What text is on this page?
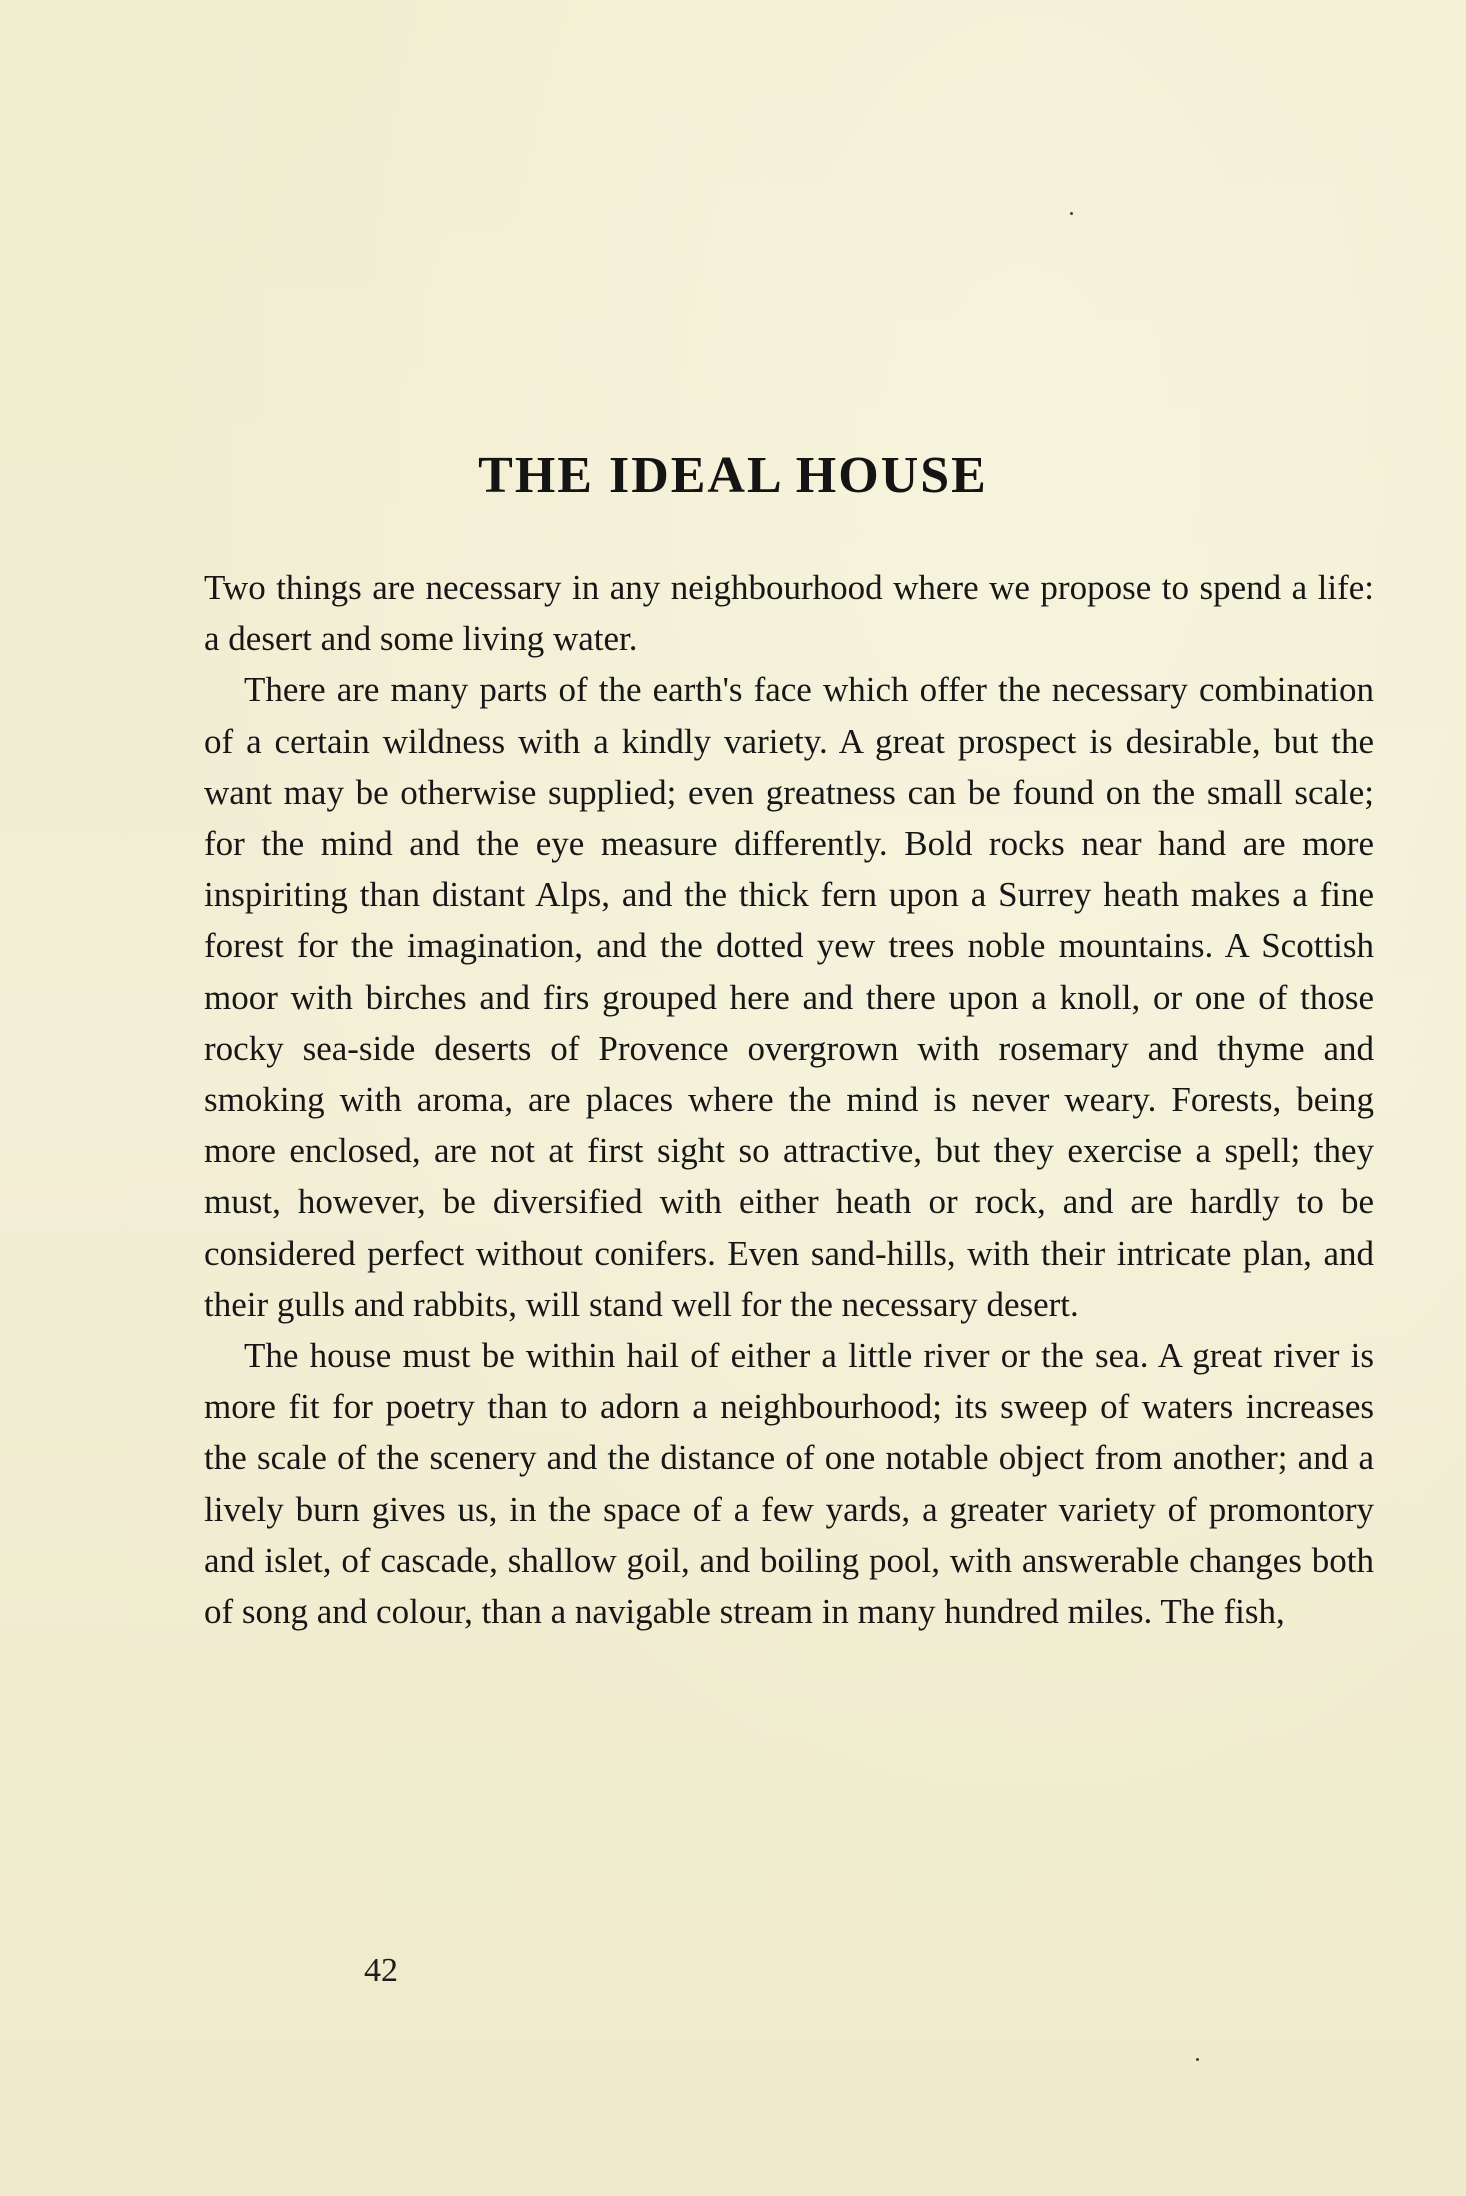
THE IDEAL HOUSE

Two things are necessary in any neighbourhood where we propose to spend a life: a desert and some living water.

There are many parts of the earth's face which offer the necessary combination of a certain wildness with a kindly variety. A great prospect is desirable, but the want may be otherwise supplied; even greatness can be found on the small scale; for the mind and the eye measure differently. Bold rocks near hand are more inspiriting than distant Alps, and the thick fern upon a Surrey heath makes a fine forest for the imagination, and the dotted yew trees noble mountains. A Scottish moor with birches and firs grouped here and there upon a knoll, or one of those rocky sea-side deserts of Provence overgrown with rosemary and thyme and smoking with aroma, are places where the mind is never weary. Forests, being more enclosed, are not at first sight so attractive, but they exercise a spell; they must, however, be diversified with either heath or rock, and are hardly to be considered perfect without conifers. Even sand-hills, with their intricate plan, and their gulls and rabbits, will stand well for the necessary desert.

The house must be within hail of either a little river or the sea. A great river is more fit for poetry than to adorn a neighbourhood; its sweep of waters increases the scale of the scenery and the distance of one notable object from another; and a lively burn gives us, in the space of a few yards, a greater variety of promontory and islet, of cascade, shallow goil, and boiling pool, with answerable changes both of song and colour, than a navigable stream in many hundred miles. The fish,

42
